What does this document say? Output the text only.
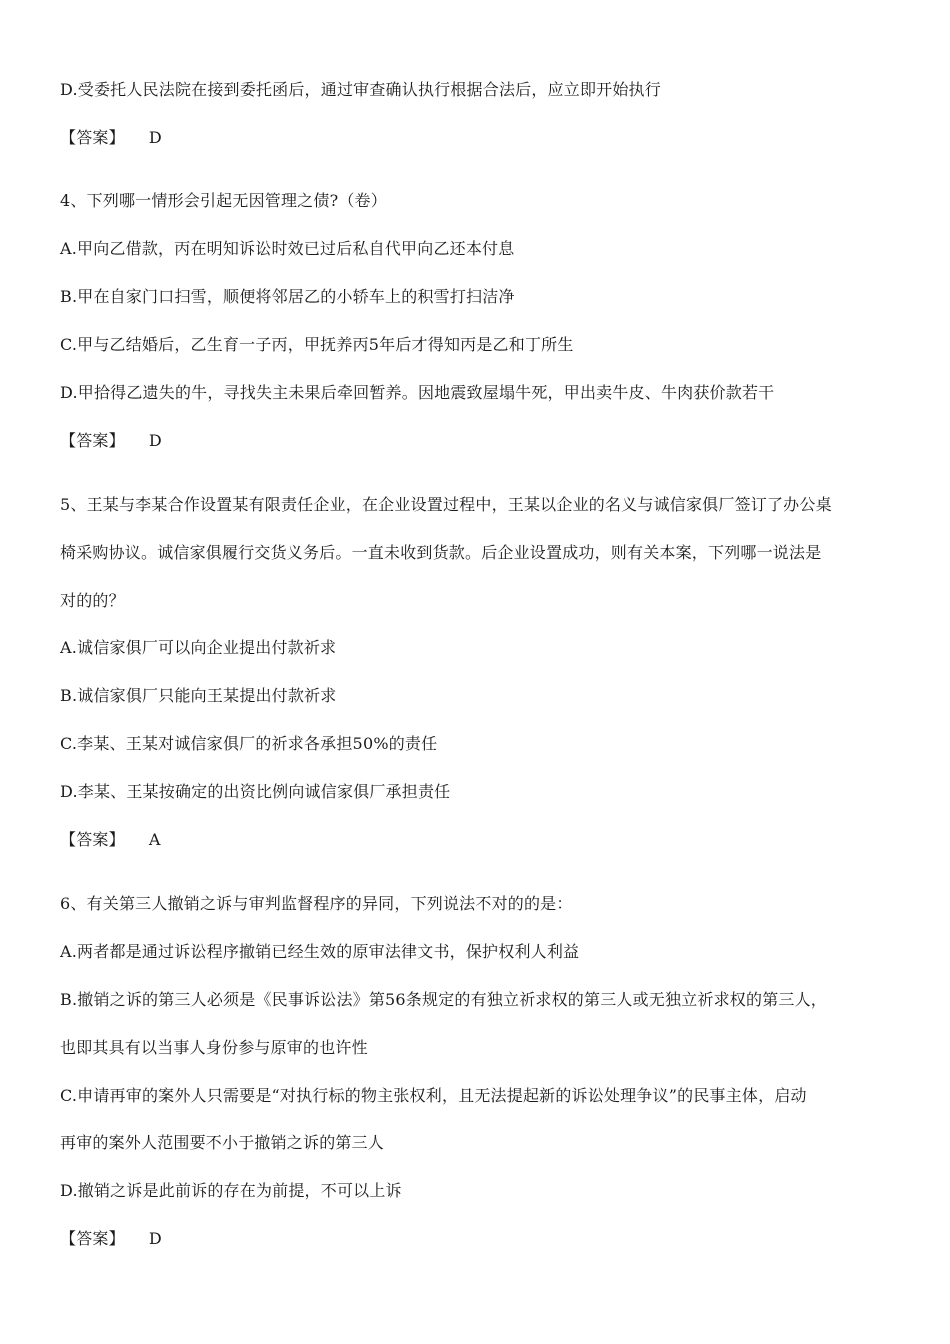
D.受委托人民法院在接到委托函后，通过审查确认执行根据合法后，应立即开始执行
【答案】 D
4、下列哪一情形会引起无因管理之债?（卷）
A.甲向乙借款，丙在明知诉讼时效已过后私自代甲向乙还本付息
B.甲在自家门口扫雪，顺便将邻居乙的小轿车上的积雪打扫洁净
C.甲与乙结婚后，乙生育一子丙，甲抚养丙5年后才得知丙是乙和丁所生
D.甲拾得乙遗失的牛，寻找失主未果后牵回暂养。因地震致屋塌牛死，甲出卖牛皮、牛肉获价款若干
【答案】 D
5、王某与李某合作设置某有限责任企业，在企业设置过程中，王某以企业的名义与诚信家俱厂签订了办公桌
椅采购协议。诚信家俱履行交货义务后。一直未收到货款。后企业设置成功，则有关本案，下列哪一说法是
对的的？
A.诚信家俱厂可以向企业提出付款祈求
B.诚信家俱厂只能向王某提出付款祈求
C.李某、王某对诚信家俱厂的祈求各承担50%的责任
D.李某、王某按确定的出资比例向诚信家俱厂承担责任
【答案】 A
6、有关第三人撤销之诉与审判监督程序的异同，下列说法不对的的是：
A.两者都是通过诉讼程序撤销已经生效的原审法律文书，保护权利人利益
B.撤销之诉的第三人必须是《民事诉讼法》第56条规定的有独立祈求权的第三人或无独立祈求权的第三人，
也即其具有以当事人身份参与原审的也许性
C.申请再审的案外人只需要是“对执行标的物主张权利，且无法提起新的诉讼处理争议”的民事主体，启动
再审的案外人范围要不小于撤销之诉的第三人
D.撤销之诉是此前诉的存在为前提，不可以上诉
【答案】 D
